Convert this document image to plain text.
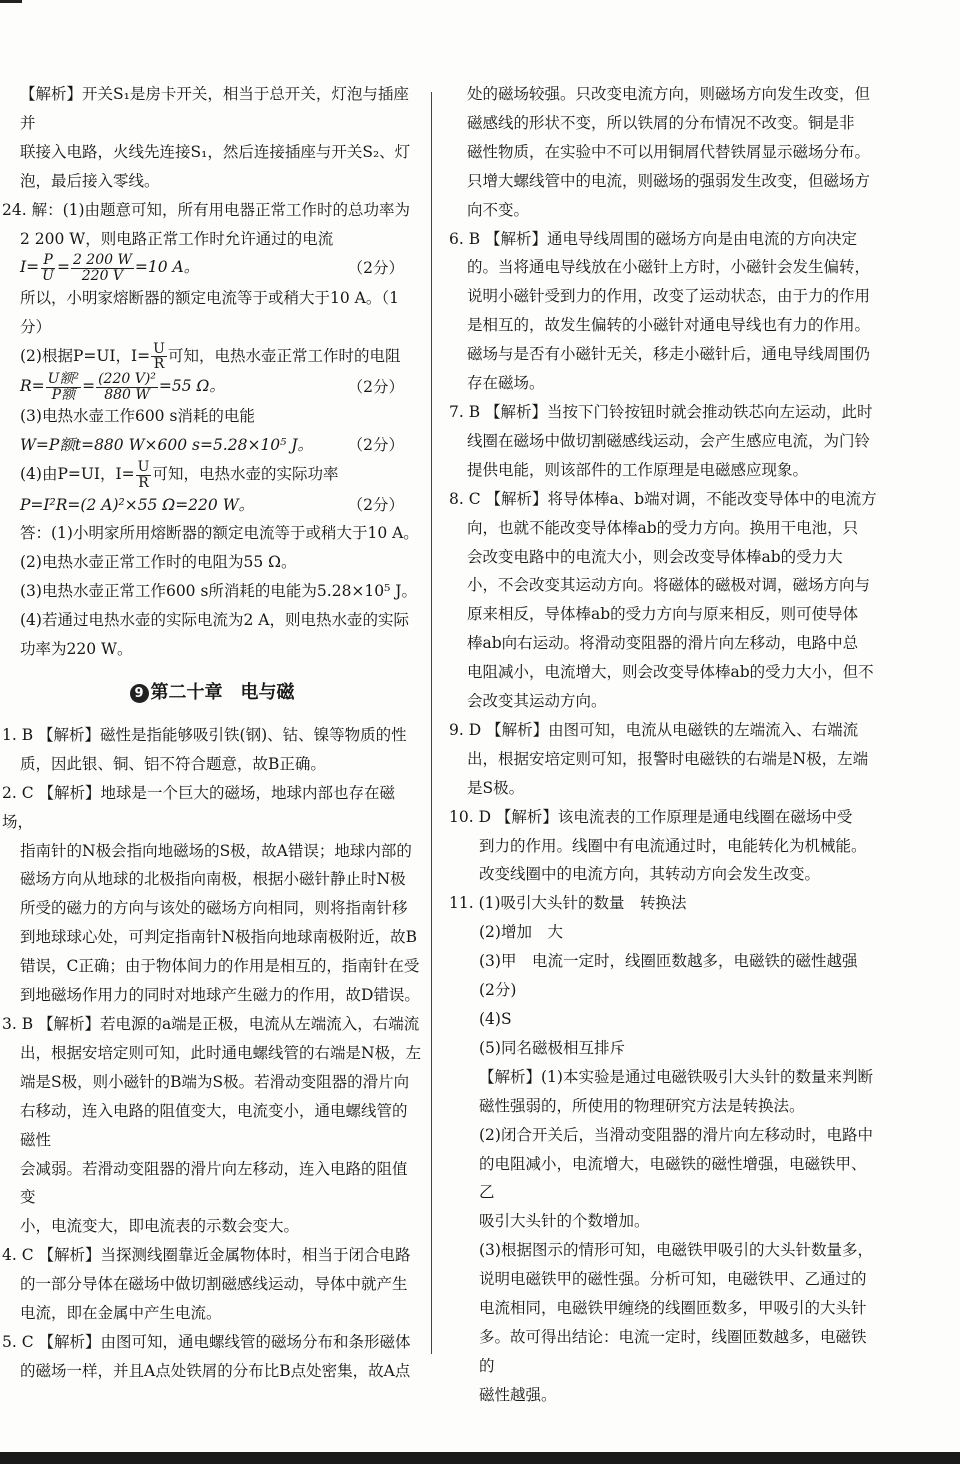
【解析】开关S₁是房卡开关，相当于总开关，灯泡与插座并
联接入电路，火线先连接S₁，然后连接插座与开关S₂、灯
泡，最后接入零线。
24. 解：(1)由题意可知，所有用电器正常工作时的总功率为
2 200 W，则电路正常工作时允许通过的电流
$I= \frac{P}{U} = \frac{2 200 W}{220 V} =10$ A。	（2分）
所以，小明家熔断器的额定电流等于或稍大于10 A。（1分）
(2)根据P=UI，$I= \frac{U}{R}$ 可知，电热水壶正常工作时的电阻
$R= \frac{\text{U额²}}{\text{P额}} = \frac{\text{(220 V)²}}{880 W} =55$ Ω。	（2分）
(3)电热水壶工作600 s消耗的电能
W=P额t=880 W×600 s=5.28×10⁵ J。 （2分）
(4)由P=UI，$I= \frac{U}{R}$ 可知，电热水壶的实际功率
P=I²R=(2 A)²×55 Ω=220 W。	（2分）
答：(1)小明家所用熔断器的额定电流等于或稍大于10 A。
(2)电热水壶正常工作时的电阻为55 Ω。
(3)电热水壶正常工作600 s所消耗的电能为5.28×10⁵ J。
(4)若通过电热水壶的实际电流为2 A，则电热水壶的实际
功率为220 W。
9 第二十章　电与磁
1. B 【解析】磁性是指能够吸引铁(钢)、钴、镍等物质的性
质，因此银、铜、铝不符合题意，故B正确。
2. C 【解析】地球是一个巨大的磁场，地球内部也存在磁场，
指南针的N极会指向地磁场的S极，故A错误；地球内部的
磁场方向从地球的北极指向南极，根据小磁针静止时N极
所受的磁力的方向与该处的磁场方向相同，则将指南针移
到地球球心处，可判定指南针N极指向地球南极附近，故B
错误，C正确；由于物体间力的作用是相互的，指南针在受
到地磁场作用力的同时对地球产生磁力的作用，故D错误。
3. B 【解析】若电源的a端是正极，电流从左端流入，右端流
出，根据安培定则可知，此时通电螺线管的右端是N极，左
端是S极，则小磁针的B端为S极。若滑动变阻器的滑片向
右移动，连入电路的阻值变大，电流变小，通电螺线管的磁性
会减弱。若滑动变阻器的滑片向左移动，连入电路的阻值变
小，电流变大，即电流表的示数会变大。
4. C 【解析】当探测线圈靠近金属物体时，相当于闭合电路
的一部分导体在磁场中做切割磁感线运动，导体中就产生
电流，即在金属中产生电流。
5. C 【解析】由图可知，通电螺线管的磁场分布和条形磁体
的磁场一样，并且A点处铁屑的分布比B点处密集，故A点
处的磁场较强。只改变电流方向，则磁场方向发生改变，但
磁感线的形状不变，所以铁屑的分布情况不改变。铜是非
磁性物质，在实验中不可以用铜屑代替铁屑显示磁场分布。
只增大螺线管中的电流，则磁场的强弱发生改变，但磁场方
向不变。
6. B 【解析】通电导线周围的磁场方向是由电流的方向决定
的。当将通电导线放在小磁针上方时，小磁针会发生偏转，
说明小磁针受到力的作用，改变了运动状态，由于力的作用
是相互的，故发生偏转的小磁针对通电导线也有力的作用。
磁场与是否有小磁针无关，移走小磁针后，通电导线周围仍
存在磁场。
7. B 【解析】当按下门铃按钮时就会推动铁芯向左运动，此时
线圈在磁场中做切割磁感线运动，会产生感应电流，为门铃
提供电能，则该部件的工作原理是电磁感应现象。
8. C 【解析】将导体棒a、b端对调，不能改变导体中的电流方
向，也就不能改变导体棒ab的受力方向。换用干电池，只
会改变电路中的电流大小，则会改变导体棒ab的受力大
小，不会改变其运动方向。将磁体的磁极对调，磁场方向与
原来相反，导体棒ab的受力方向与原来相反，则可使导体
棒ab向右运动。将滑动变阻器的滑片向左移动，电路中总
电阻减小，电流增大，则会改变导体棒ab的受力大小，但不
会改变其运动方向。
9. D 【解析】由图可知，电流从电磁铁的左端流入、右端流
出，根据安培定则可知，报警时电磁铁的右端是N极，左端
是S极。
10. D 【解析】该电流表的工作原理是通电线圈在磁场中受
到力的作用。线圈中有电流通过时，电能转化为机械能。
改变线圈中的电流方向，其转动方向会发生改变。
11. (1)吸引大头针的数量　转换法
(2)增加　大
(3)甲　电流一定时，线圈匝数越多，电磁铁的磁性越强
(2分)
(4)S
(5)同名磁极相互排斥
【解析】(1)本实验是通过电磁铁吸引大头针的数量来判断
磁性强弱的，所使用的物理研究方法是转换法。
(2)闭合开关后，当滑动变阻器的滑片向左移动时，电路中
的电阻减小，电流增大，电磁铁的磁性增强，电磁铁甲、乙
吸引大头针的个数增加。
(3)根据图示的情形可知，电磁铁甲吸引的大头针数量多，
说明电磁铁甲的磁性强。分析可知，电磁铁甲、乙通过的
电流相同，电磁铁甲缠绕的线圈匝数多，甲吸引的大头针
多。故可得出结论：电流一定时，线圈匝数越多，电磁铁的
磁性越强。
